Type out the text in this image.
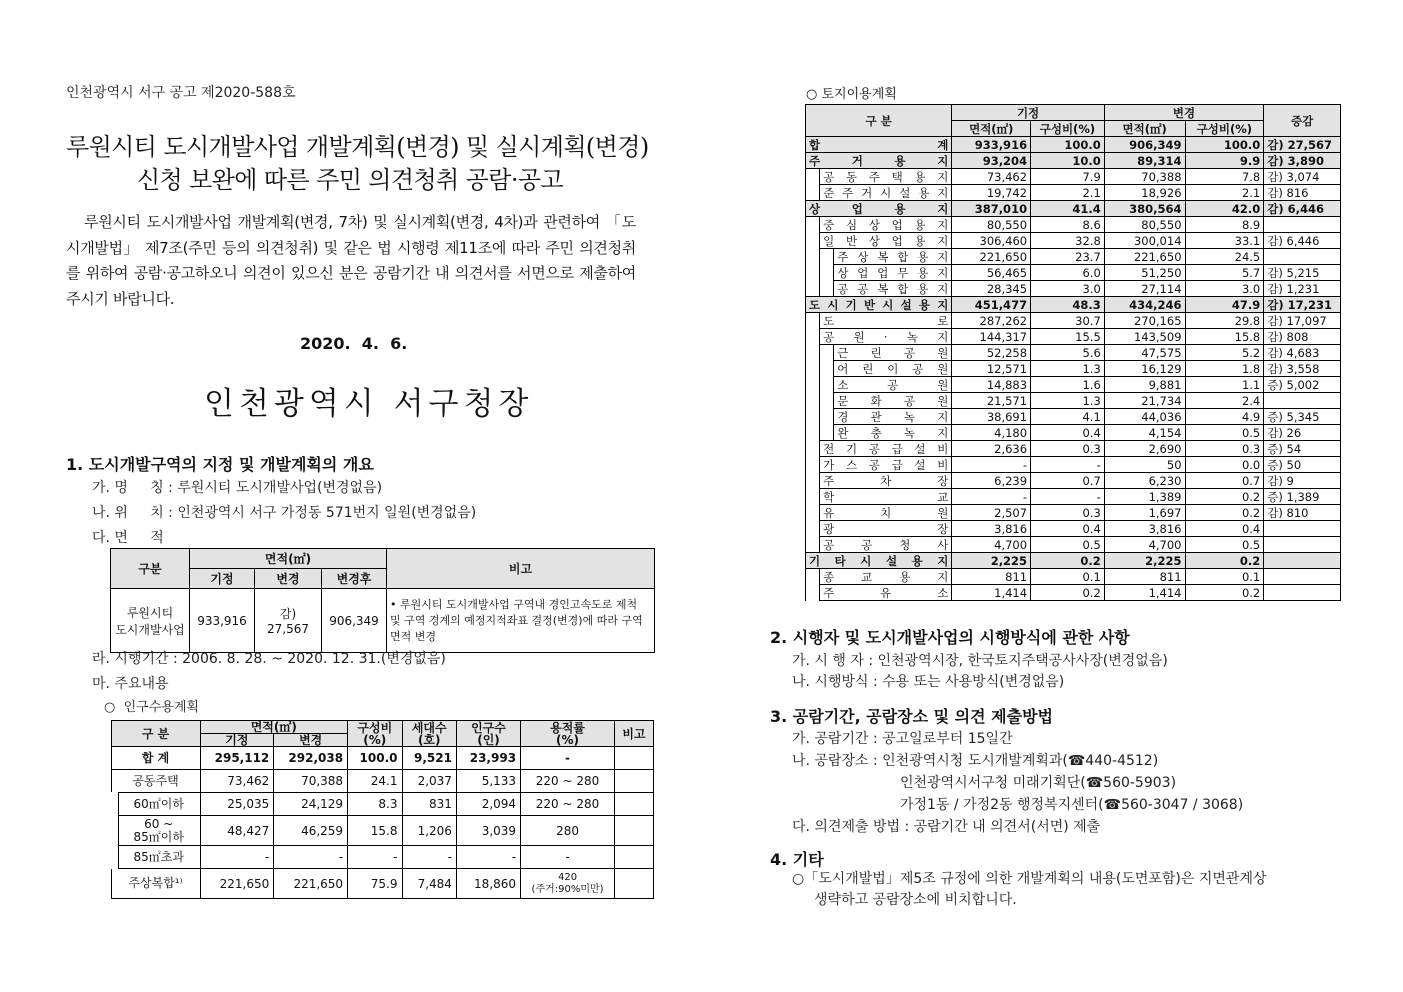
인천광역시 서구 공고 제2020-588호
루원시티 도시개발사업 개발계획(변경) 및 실시계획(변경)
신청 보완에 따른 주민 의견청취 공람·공고
루원시티 도시개발사업 개발계획(변경, 7차) 및 실시계획(변경, 4차)과 관련하여 「도시개발법」 제7조(주민 등의 의견청취) 및 같은 법 시행령 제11조에 따라 주민 의견청취를 위하여 공람·공고하오니 의견이 있으신 분은 공람기간 내 의견서를 서면으로 제출하여 주시기 바랍니다.
2020.  4.  6.
인천광역시 서구청장
1. 도시개발구역의 지정 및 개발계획의 개요
가. 명     칭 : 루원시티 도시개발사업(변경없음)
나. 위     치 : 인천광역시 서구 가정동 571번지 일원(변경없음)
다. 면     적
구분	면적(㎡)			비고
	기정	변경	변경후	
루원시티
도시개발사업	933,916	감) 27,567	906,349	• 루원시티 도시개발사업 구역내 경인고속도로 제척 및 구역 경계의 예정지적좌표 결정(변경)에 따라 구역면적 변경
라. 시행기간 : 2006. 8. 28. ~ 2020. 12. 31.(변경없음)
마. 주요내용
○  인구수용계획
구 분	면적(㎡)		구성비
(%)	세대수
(호)	인구수
(인)	용적률
(%)	비고
	기정	변경					
합 계	295,112	292,038	100.0	9,521	23,993	-	
공동주택	73,462	70,388	24.1	2,037	5,133	220 ~ 280	
60㎡이하	25,035	24,129	8.3	831	2,094	220 ~ 280	
60 ~
85㎡이하	48,427	46,259	15.8	1,206	3,039	280	
85㎡초과	-	-	-	-	-	-	
주상복합¹⁾	221,650	221,650	75.9	7,484	18,860	420
(주거:90%미만)	
○ 토지이용계획
구 분			기정		변경		증감
			면적(㎡)	구성비(%)	면적(㎡)	구성비(%)	
합 계			933,916	100.0	906,349	100.0	감) 27,567
주 거 용 지			93,204	10.0	89,314	9.9	감) 3,890
	공 동 주 택 용 지		73,462	7.9	70,388	7.8	감) 3,074
	준 주 거 시 설 용 지		19,742	2.1	18,926	2.1	감) 816
상 업 용 지			387,010	41.4	380,564	42.0	감) 6,446
	중 심 상 업 용 지		80,550	8.6	80,550	8.9	
	일 반 상 업 용 지		306,460	32.8	300,014	33.1	감) 6,446
		주 상 복 합 용 지	221,650	23.7	221,650	24.5	
		상 업 업 무 용 지	56,465	6.0	51,250	5.7	감) 5,215
		공 공 복 합 용 지	28,345	3.0	27,114	3.0	감) 1,231
도 시 기 반 시 설 용 지			451,477	48.3	434,246	47.9	감) 17,231
	도 로		287,262	30.7	270,165	29.8	감) 17,097
	공 원 · 녹 지		144,317	15.5	143,509	15.8	감) 808
		근 린 공 원	52,258	5.6	47,575	5.2	감) 4,683
		어 린 이 공 원	12,571	1.3	16,129	1.8	감) 3,558
		소 공 원	14,883	1.6	9,881	1.1	증) 5,002
		문 화 공 원	21,571	1.3	21,734	2.4	
		경 관 녹 지	38,691	4.1	44,036	4.9	증) 5,345
		완 충 녹 지	4,180	0.4	4,154	0.5	감) 26
	전 기 공 급 설 비		2,636	0.3	2,690	0.3	증) 54
	가 스 공 급 설 비		-	-	50	0.0	증) 50
	주 차 장		6,239	0.7	6,230	0.7	감) 9
	학 교		-	-	1,389	0.2	증) 1,389
	유 치 원		2,507	0.3	1,697	0.2	감) 810
	광 장		3,816	0.4	3,816	0.4	
	공 공 청 사		4,700	0.5	4,700	0.5	
기 타 시 설 용 지			2,225	0.2	2,225	0.2	
	종 교 용 지		811	0.1	811	0.1	
	주 유 소		1,414	0.2	1,414	0.2	
2. 시행자 및 도시개발사업의 시행방식에 관한 사항
가. 시 행 자 : 인천광역시장, 한국토지주택공사사장(변경없음)
나. 시행방식 : 수용 또는 사용방식(변경없음)
3. 공람기간, 공람장소 및 의견 제출방법
가. 공람기간 : 공고일로부터 15일간
나. 공람장소 : 인천광역시청 도시개발계획과(☎440-4512)
인천광역시서구청 미래기획단(☎560-5903)
가정1동 / 가정2동 행정복지센터(☎560-3047 / 3068)
다. 의견제출 방법 : 공람기간 내 의견서(서면) 제출
4. 기타
○「도시개발법」제5조 규정에 의한 개발계획의 내용(도면포함)은 지면관계상
생략하고 공람장소에 비치합니다.
